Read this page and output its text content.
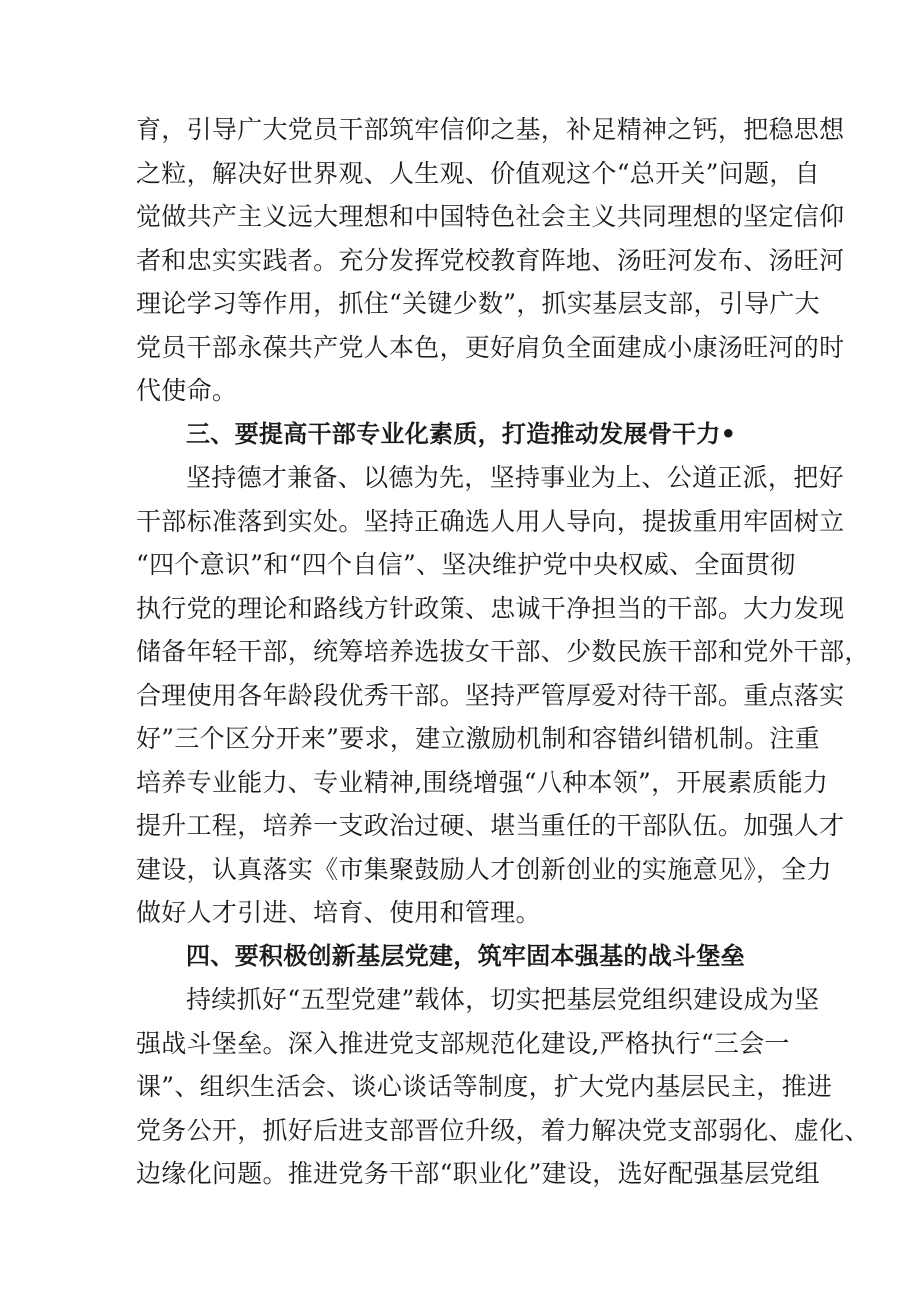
育，引导广大党员干部筑牢信仰之基，补足精神之钙，把稳思想
之粒，解决好世界观、人生观、价值观这个“总开关”问题，自
觉做共产主义远大理想和中国特色社会主义共同理想的坚定信仰
者和忠实实践者。充分发挥党校教育阵地、汤旺河发布、汤旺河
理论学习等作用，抓住“关键少数”，抓实基层支部，引导广大
党员干部永葆共产党人本色，更好肩负全面建成小康汤旺河的时
代使命。
三、要提高干部专业化素质，打造推动发展骨干力•
坚持德才兼备、以德为先，坚持事业为上、公道正派，把好
干部标准落到实处。坚持正确选人用人导向，提拔重用牢固树立
“四个意识”和“四个自信”、坚决维护党中央权威、全面贯彻
执行党的理论和路线方针政策、忠诚干净担当的干部。大力发现
储备年轻干部，统筹培养选拔女干部、少数民族干部和党外干部，
合理使用各年龄段优秀干部。坚持严管厚爱对待干部。重点落实
好”三个区分开来”要求，建立激励机制和容错纠错机制。注重
培养专业能力、专业精神,围绕增强“八种本领”，开展素质能力
提升工程，培养一支政治过硬、堪当重任的干部队伍。加强人才
建设，认真落实《市集聚鼓励人才创新创业的实施意见》，全力
做好人才引进、培育、使用和管理。
四、要积极创新基层党建，筑牢固本强基的战斗堡垒
持续抓好“五型党建”载体，切实把基层党组织建设成为坚
强战斗堡垒。深入推进党支部规范化建设,严格执行“三会一
课”、组织生活会、谈心谈话等制度，扩大党内基层民主，推进
党务公开，抓好后进支部晋位升级，着力解决党支部弱化、虚化、
边缘化问题。推进党务干部“职业化”建设，选好配强基层党组
